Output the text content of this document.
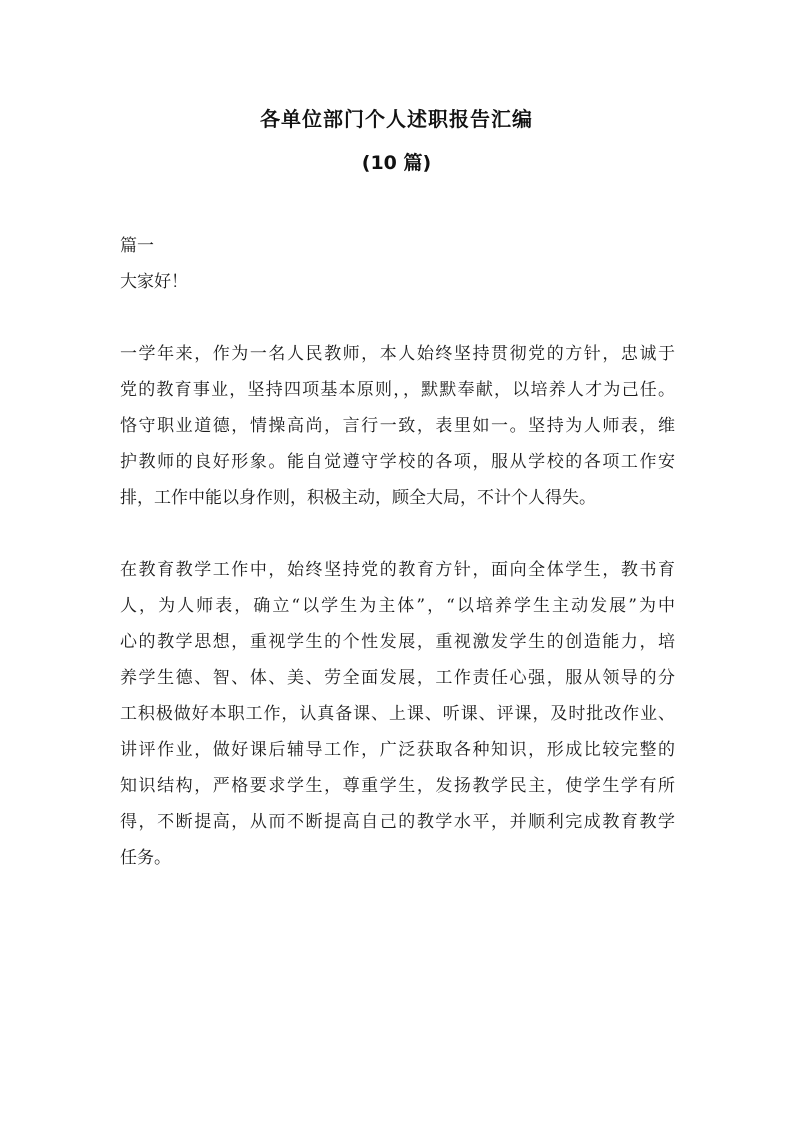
各单位部门个人述职报告汇编
(10 篇)
篇一
大家好！
一学年来，作为一名人民教师，本人始终坚持贯彻党的方针，忠诚于
党的教育事业，坚持四项基本原则，，默默奉献，以培养人才为己任。
恪守职业道德，情操高尚，言行一致，表里如一。坚持为人师表，维
护教师的良好形象。能自觉遵守学校的各项，服从学校的各项工作安
排，工作中能以身作则，积极主动，顾全大局，不计个人得失。
在教育教学工作中，始终坚持党的教育方针，面向全体学生，教书育
人，为人师表，确立“以学生为主体”，“以培养学生主动发展”为中
心的教学思想，重视学生的个性发展，重视激发学生的创造能力，培
养学生德、智、体、美、劳全面发展，工作责任心强，服从领导的分
工积极做好本职工作，认真备课、上课、听课、评课，及时批改作业、
讲评作业，做好课后辅导工作，广泛获取各种知识，形成比较完整的
知识结构，严格要求学生，尊重学生，发扬教学民主，使学生学有所
得，不断提高，从而不断提高自己的教学水平，并顺利完成教育教学
任务。
